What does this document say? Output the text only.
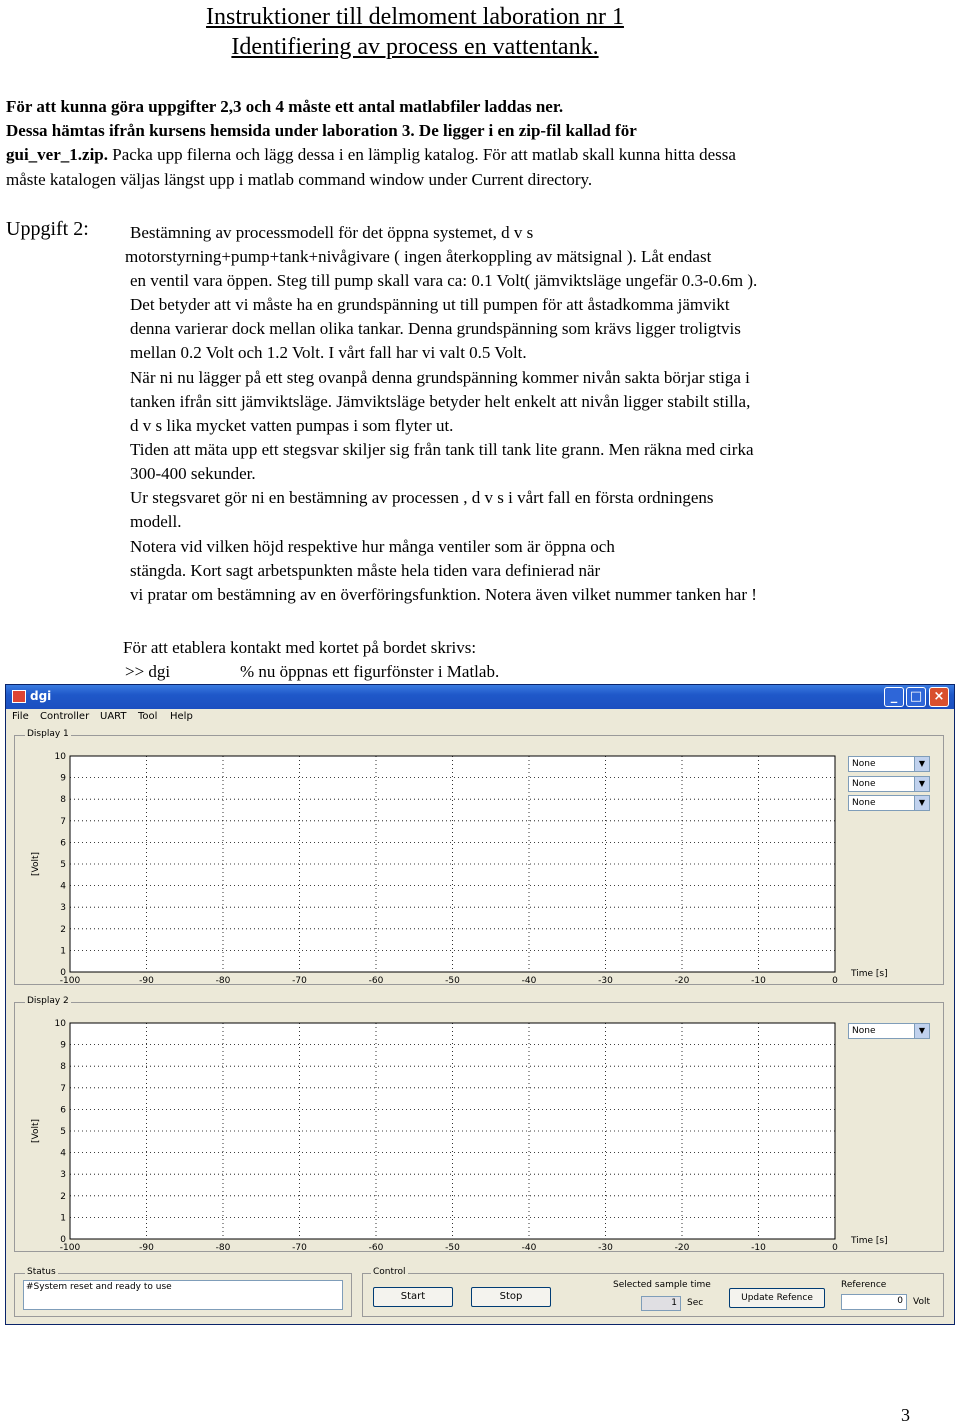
Instruktioner till delmoment laboration nr 1
Identifiering av process en vattentank.
För att kunna göra uppgifter 2,3 och 4 måste ett antal matlabfiler laddas ner.
Dessa hämtas ifrån kursens hemsida under laboration 3. De ligger i en zip-fil kallad för
gui_ver_1.zip. Packa upp filerna och lägg dessa i en lämplig katalog. För att matlab skall kunna hitta dessa
måste katalogen väljas längst upp i matlab command window under Current directory.
Uppgift 2: Bestämning av processmodell för det öppna systemet, d v s
motorstyrning+pump+tank+nivågivare ( ingen återkoppling av mätsignal ). Låt endast
en ventil vara öppen. Steg till pump skall vara ca: 0.1 Volt( jämviktsläge ungefär 0.3-0.6m ).
Det betyder att vi måste ha en grundspänning ut till pumpen för att åstadkomma jämvikt
denna varierar dock mellan olika tankar. Denna grundspänning som krävs ligger troligtvis
mellan 0.2 Volt och 1.2 Volt. I vårt fall har vi valt 0.5 Volt.
När ni nu lägger på ett steg ovanpå denna grundspänning kommer nivån sakta börjar stiga i
tanken ifrån sitt jämviktsläge. Jämviktsläge betyder helt enkelt att nivån ligger stabilt stilla,
d v s lika mycket vatten pumpas i som flyter ut.
Tiden att mäta upp ett stegsvar skiljer sig från tank till tank lite grann. Men räkna med cirka
300-400 sekunder.
Ur stegsvaret gör ni en bestämning av processen , d v s i vårt fall en första ordningens
modell.
Notera vid vilken höjd respektive hur många ventiler som är öppna och
stängda. Kort sagt arbetspunkten måste hela tiden vara definierad när
vi pratar om bestämning av en överföringsfunktion. Notera även vilket nummer tanken har !
För att etablera kontakt med kortet på bordet skrivs:
>> dgi	% nu öppnas ett figurfönster i Matlab.
dgi	_ □ ×
File Controller UART Tool Help
Display 1
10
9
8
7
6
5
4
3
2
1
0
-100	-90	-80	-70	-60	-50	-40	-30	-20	-10	0
[Volt]
Time [s]
None	▼
None	▼
None	▼
Display 2
10
9
8
7
6
5
4
3
2
1
0
-100	-90	-80	-70	-60	-50	-40	-30	-20	-10	0
[Volt]
Time [s]
None	▼
Status
#System reset and ready to use
Control
Start	Stop
Selected sample time
1 Sec	Update Refence
Reference
0 Volt
3
